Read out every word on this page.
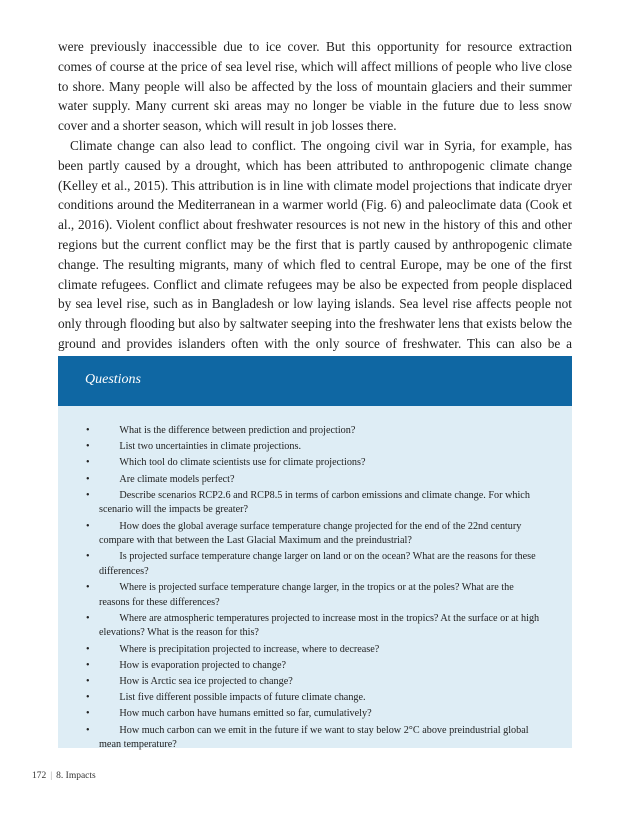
were previously inaccessible due to ice cover. But this opportunity for resource extraction comes of course at the price of sea level rise, which will affect millions of people who live close to shore. Many people will also be affected by the loss of mountain glaciers and their summer water supply. Many current ski areas may no longer be viable in the future due to less snow cover and a shorter season, which will result in job losses there.

Climate change can also lead to conflict. The ongoing civil war in Syria, for example, has been partly caused by a drought, which has been attributed to anthropogenic climate change (Kelley et al., 2015). This attribution is in line with climate model projections that indicate dryer conditions around the Mediterranean in a warmer world (Fig. 6) and paleoclimate data (Cook et al., 2016). Violent conflict about freshwater resources is not new in the history of this and other regions but the current conflict may be the first that is partly caused by anthropogenic climate change. The resulting migrants, many of which fled to central Europe, may be one of the first climate refugees. Conflict and climate refugees may be also be expected from people displaced by sea level rise, such as in Bangladesh or low laying islands. Sea level rise affects people not only through flooding but also by saltwater seeping into the freshwater lens that exists below the ground and provides islanders often with the only source of freshwater. This can also be a

Questions
•	What is the difference between prediction and projection?
•	List two uncertainties in climate projections.
•	Which tool do climate scientists use for climate projections?
•	Are climate models perfect?
•	Describe scenarios RCP2.6 and RCP8.5 in terms of carbon emissions and climate change. For which scenario will the impacts be greater?
•	How does the global average surface temperature change projected for the end of the 22nd century compare with that between the Last Glacial Maximum and the preindustrial?
•	Is projected surface temperature change larger on land or on the ocean? What are the reasons for these differences?
•	Where is projected surface temperature change larger, in the tropics or at the poles? What are the reasons for these differences?
•	Where are atmospheric temperatures projected to increase most in the tropics? At the surface or at high elevations? What is the reason for this?
•	Where is precipitation projected to increase, where to decrease?
•	How is evaporation projected to change?
•	How is Arctic sea ice projected to change?
•	List five different possible impacts of future climate change.
•	How much carbon have humans emitted so far, cumulatively?
•	How much carbon can we emit in the future if we want to stay below 2°C above preindustrial global mean temperature?
172 | 8. Impacts
